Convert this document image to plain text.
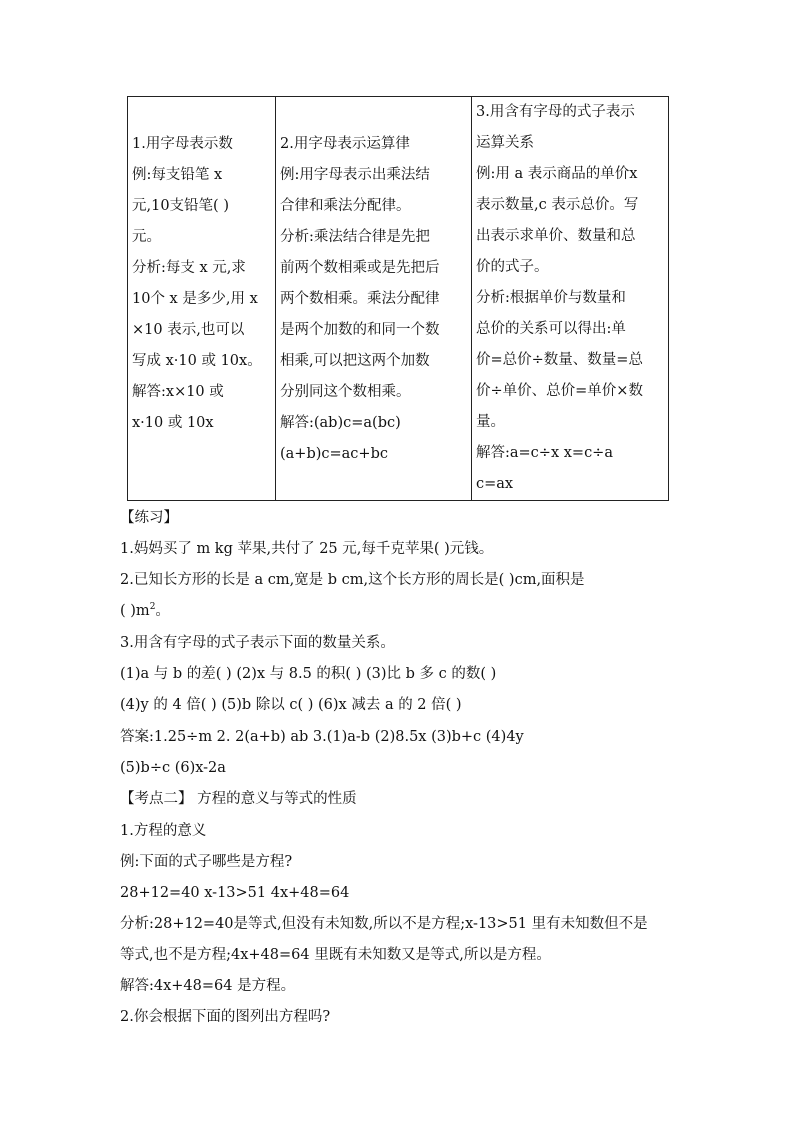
1.用字母表示数
例:每支铅笔 x
元,10支铅笔( )
元。
分析:每支 x 元,求
10个 x 是多少,用 x
×10 表示,也可以
写成 x·10 或 10x。
解答:x×10 或
x·10 或 10x

2.用字母表示运算律
例:用字母表示出乘法结
合律和乘法分配律。
分析:乘法结合律是先把
前两个数相乘或是先把后
两个数相乘。乘法分配律
是两个加数的和同一个数
相乘,可以把这两个加数
分别同这个数相乘。
解答:(ab)c=a(bc)
(a+b)c=ac+bc

3.用含有字母的式子表示
运算关系
例:用 a 表示商品的单价x
表示数量,c 表示总价。写
出表示求单价、数量和总
价的式子。
分析:根据单价与数量和
总价的关系可以得出:单
价=总价÷数量、数量=总
价÷单价、总价=单价×数
量。
解答:a=c÷x x=c÷a
c=ax
【练习】
1.妈妈买了 m kg 苹果,共付了 25 元,每千克苹果( )元钱。
2.已知长方形的长是 a cm,宽是 b cm,这个长方形的周长是( )cm,面积是
( )$m^2$。
3.用含有字母的式子表示下面的数量关系。
(1)a 与 b 的差( ) (2)x 与 8.5 的积( ) (3)比 b 多 c 的数( )
(4)y 的 4 倍( ) (5)b 除以 c( ) (6)x 减去 a 的 2 倍( )
答案:1.25÷m 2. 2(a+b) ab 3.(1)a-b (2)8.5x (3)b+c (4)4y
(5)b÷c (6)x-2a
【考点二】 方程的意义与等式的性质
1.方程的意义
例:下面的式子哪些是方程?
28+12=40 x-13>51 4x+48=64
分析:28+12=40是等式,但没有未知数,所以不是方程;x-13>51 里有未知数但不是
等式,也不是方程;4x+48=64 里既有未知数又是等式,所以是方程。
解答:4x+48=64 是方程。
2.你会根据下面的图列出方程吗?
